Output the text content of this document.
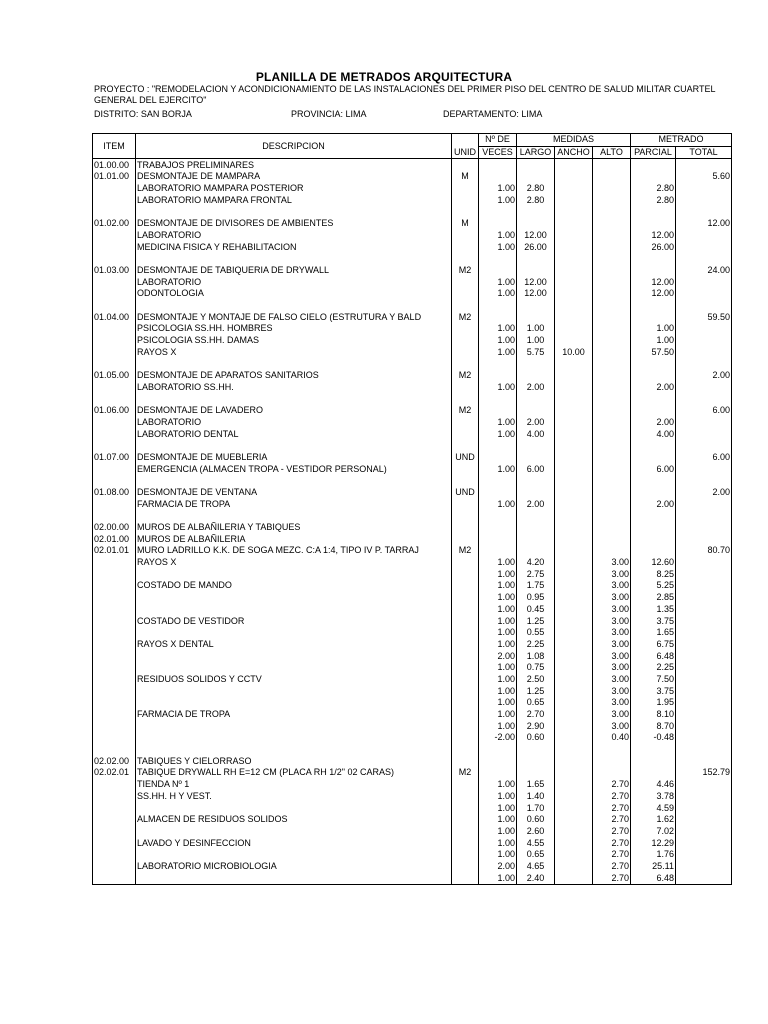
PLANILLA DE METRADOS ARQUITECTURA
PROYECTO : "REMODELACION Y ACONDICIONAMIENTO DE LAS INSTALACIONES DEL PRIMER PISO DEL CENTRO DE SALUD MILITAR CUARTEL
GENERAL DEL EJERCITO"
DISTRITO: SAN BORJA	PROVINCIA: LIMA	DEPARTAMENTO: LIMA
ITEM	DESCRIPCION	UNID	Nº DE	MEDIDAS			METRADO	
			VECES	LARGO	ANCHO	ALTO	PARCIAL	TOTAL
01.00.00	TRABAJOS PRELIMINARES							
01.01.00	DESMONTAJE DE MAMPARA	M						5.60
	LABORATORIO MAMPARA POSTERIOR		1.00	2.80			2.80	
	LABORATORIO MAMPARA FRONTAL		1.00	2.80			2.80	

01.02.00	DESMONTAJE DE DIVISORES DE AMBIENTES	M						12.00
	LABORATORIO		1.00	12.00			12.00	
	MEDICINA FISICA Y REHABILITACION		1.00	26.00			26.00	

01.03.00	DESMONTAJE DE TABIQUERIA DE DRYWALL	M2						24.00
	LABORATORIO		1.00	12.00			12.00	
	ODONTOLOGIA		1.00	12.00			12.00	

01.04.00	DESMONTAJE Y MONTAJE DE FALSO CIELO (ESTRUTURA Y BALD	M2						59.50
	PSICOLOGIA SS.HH. HOMBRES		1.00	1.00			1.00	
	PSICOLOGIA SS.HH. DAMAS		1.00	1.00			1.00	
	RAYOS X		1.00	5.75	10.00		57.50	

01.05.00	DESMONTAJE DE APARATOS SANITARIOS	M2						2.00
	LABORATORIO SS.HH.		1.00	2.00			2.00	

01.06.00	DESMONTAJE DE LAVADERO	M2						6.00
	LABORATORIO		1.00	2.00			2.00	
	LABORATORIO DENTAL		1.00	4.00			4.00	

01.07.00	DESMONTAJE DE MUEBLERIA	UND						6.00
	EMERGENCIA (ALMACEN TROPA - VESTIDOR PERSONAL)		1.00	6.00			6.00	

01.08.00	DESMONTAJE DE VENTANA	UND						2.00
	FARMACIA DE TROPA		1.00	2.00			2.00	

02.00.00	MUROS DE ALBAÑILERIA Y TABIQUES							
02.01.00	MUROS DE ALBAÑILERIA							
02.01.01	MURO LADRILLO K.K. DE SOGA MEZC. C:A 1:4, TIPO IV P. TARRAJ	M2						80.70
	RAYOS X		1.00	4.20		3.00	12.60	
			1.00	2.75		3.00	8.25	
	COSTADO DE MANDO		1.00	1.75		3.00	5.25	
			1.00	0.95		3.00	2.85	
			1.00	0.45		3.00	1.35	
	COSTADO DE VESTIDOR		1.00	1.25		3.00	3.75	
			1.00	0.55		3.00	1.65	
	RAYOS X DENTAL		1.00	2.25		3.00	6.75	
			2.00	1.08		3.00	6.48	
			1.00	0.75		3.00	2.25	
	RESIDUOS SOLIDOS Y CCTV		1.00	2.50		3.00	7.50	
			1.00	1.25		3.00	3.75	
			1.00	0.65		3.00	1.95	
	FARMACIA DE TROPA		1.00	2.70		3.00	8.10	
			1.00	2.90		3.00	8.70	
			-2.00	0.60		0.40	-0.48	

02.02.00	TABIQUES Y CIELORRASO							
02.02.01	TABIQUE DRYWALL RH E=12 CM (PLACA RH 1/2" 02 CARAS)	M2						152.79
	TIENDA Nº 1		1.00	1.65		2.70	4.46	
	SS.HH. H Y VEST.		1.00	1.40		2.70	3.78	
			1.00	1.70		2.70	4.59	
	ALMACEN DE RESIDUOS SOLIDOS		1.00	0.60		2.70	1.62	
			1.00	2.60		2.70	7.02	
	LAVADO Y DESINFECCION		1.00	4.55		2.70	12.29	
			1.00	0.65		2.70	1.76	
	LABORATORIO MICROBIOLOGIA		2.00	4.65		2.70	25.11	
			1.00	2.40		2.70	6.48	
